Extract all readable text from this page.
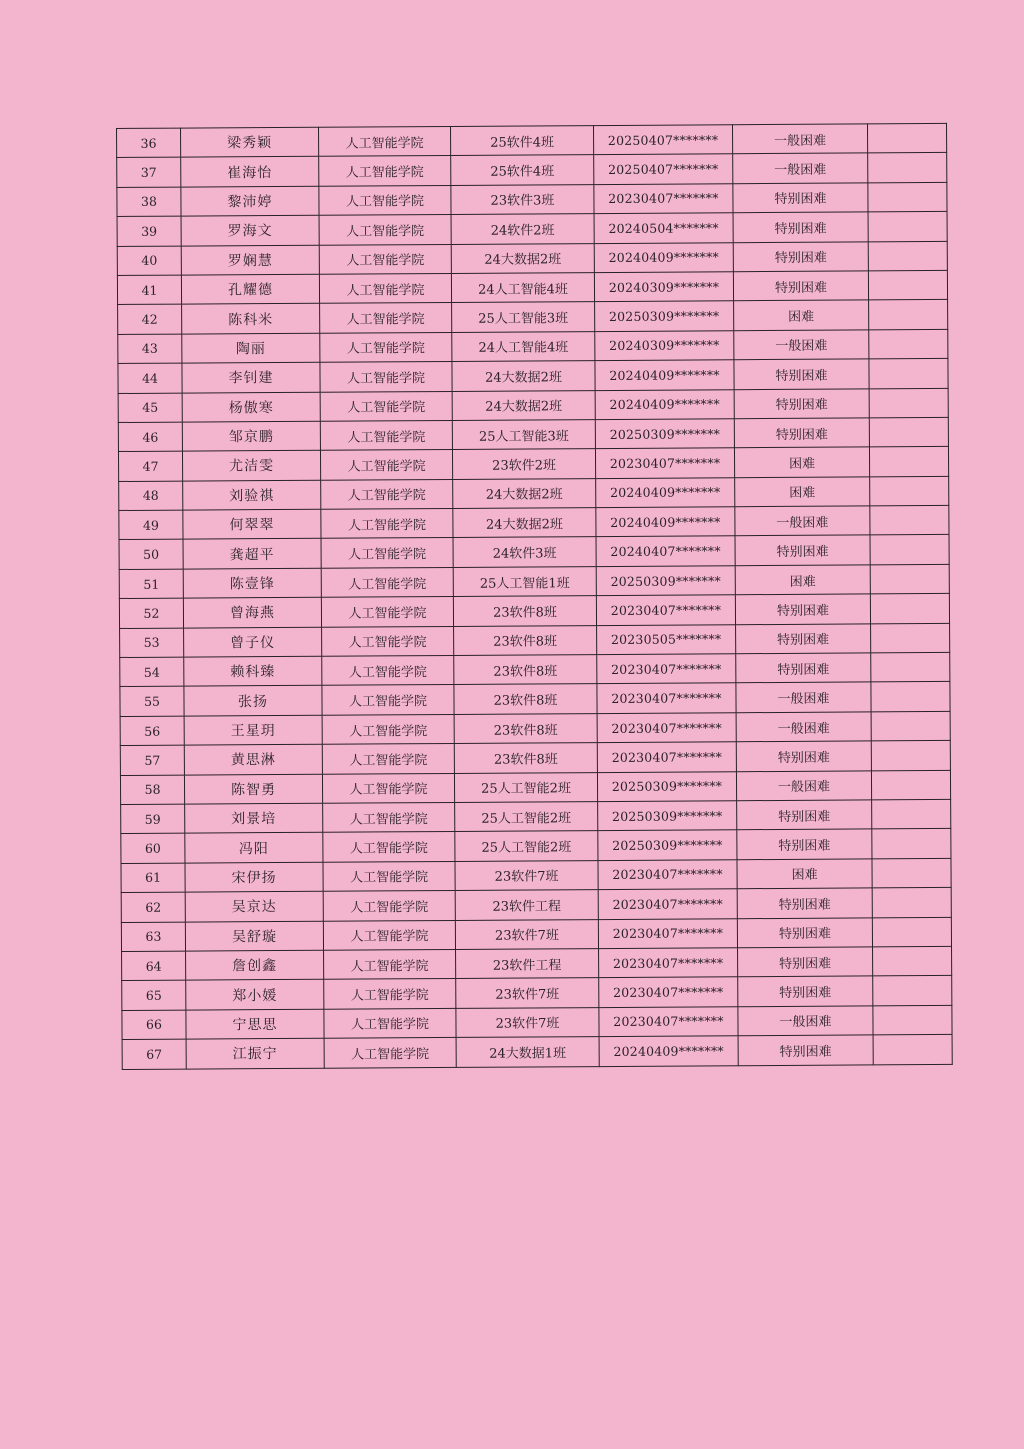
36	梁秀颖	人工智能学院	25软件4班	20250407*******	一般困难	
37	崔海怡	人工智能学院	25软件4班	20250407*******	一般困难	
38	黎沛婷	人工智能学院	23软件3班	20230407*******	特别困难	
39	罗海文	人工智能学院	24软件2班	20240504*******	特别困难	
40	罗娴慧	人工智能学院	24大数据2班	20240409*******	特别困难	
41	孔耀德	人工智能学院	24人工智能4班	20240309*******	特别困难	
42	陈科米	人工智能学院	25人工智能3班	20250309*******	困难	
43	陶丽	人工智能学院	24人工智能4班	20240309*******	一般困难	
44	李钊建	人工智能学院	24大数据2班	20240409*******	特别困难	
45	杨傲寒	人工智能学院	24大数据2班	20240409*******	特别困难	
46	邹京鹏	人工智能学院	25人工智能3班	20250309*******	特别困难	
47	尤洁雯	人工智能学院	23软件2班	20230407*******	困难	
48	刘验祺	人工智能学院	24大数据2班	20240409*******	困难	
49	何翠翠	人工智能学院	24大数据2班	20240409*******	一般困难	
50	龚超平	人工智能学院	24软件3班	20240407*******	特别困难	
51	陈壹锋	人工智能学院	25人工智能1班	20250309*******	困难	
52	曾海燕	人工智能学院	23软件8班	20230407*******	特别困难	
53	曾子仪	人工智能学院	23软件8班	20230505*******	特别困难	
54	赖科臻	人工智能学院	23软件8班	20230407*******	特别困难	
55	张扬	人工智能学院	23软件8班	20230407*******	一般困难	
56	王星玥	人工智能学院	23软件8班	20230407*******	一般困难	
57	黄思淋	人工智能学院	23软件8班	20230407*******	特别困难	
58	陈智勇	人工智能学院	25人工智能2班	20250309*******	一般困难	
59	刘景培	人工智能学院	25人工智能2班	20250309*******	特别困难	
60	冯阳	人工智能学院	25人工智能2班	20250309*******	特别困难	
61	宋伊扬	人工智能学院	23软件7班	20230407*******	困难	
62	吴京达	人工智能学院	23软件工程	20230407*******	特别困难	
63	吴舒璇	人工智能学院	23软件7班	20230407*******	特别困难	
64	詹创鑫	人工智能学院	23软件工程	20230407*******	特别困难	
65	郑小媛	人工智能学院	23软件7班	20230407*******	特别困难	
66	宁思思	人工智能学院	23软件7班	20230407*******	一般困难	
67	江振宁	人工智能学院	24大数据1班	20240409*******	特别困难	
